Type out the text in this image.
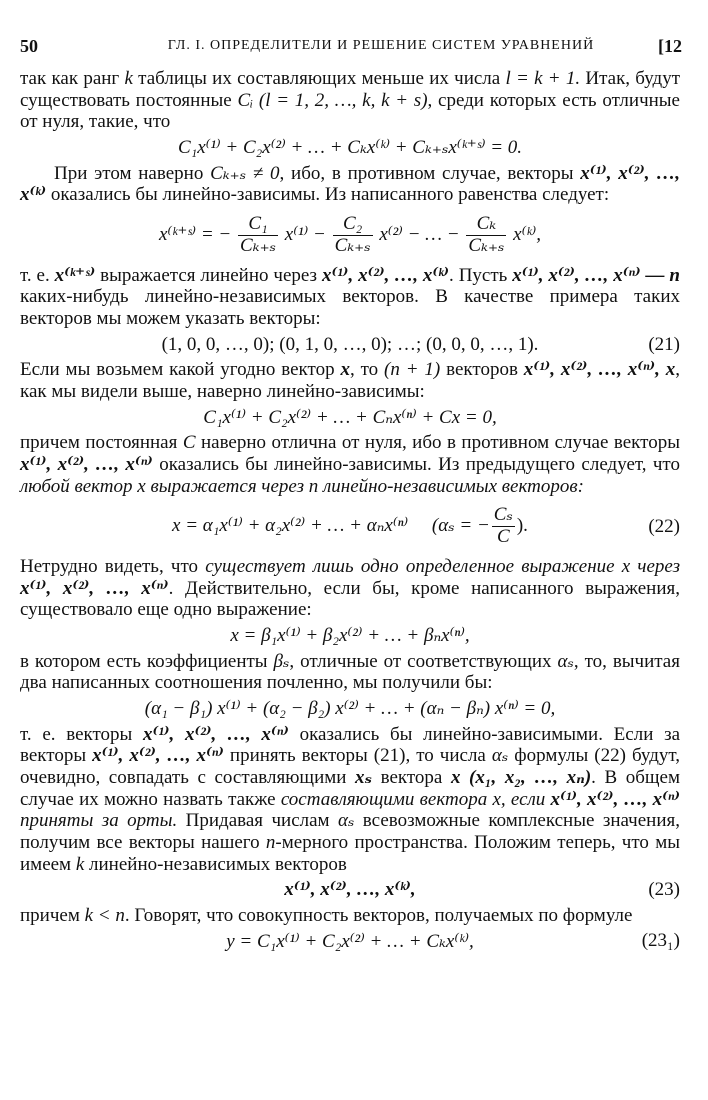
50	ГЛ. I. ОПРЕДЕЛИТЕЛИ И РЕШЕНИЕ СИСТЕМ УРАВНЕНИЙ	[12

так как ранг k таблицы их составляющих меньше их числа l = k + 1. Итак, будут существовать постоянные Cᵢ (l = 1, 2, …, k, k + s), среди которых есть отличные от нуля, такие, что

C₁x⁽¹⁾ + C₂x⁽²⁾ + … + Cₖx⁽ᵏ⁾ + Cₖ₊ₛx⁽ᵏ⁺ˢ⁾ = 0.

При этом наверно Cₖ₊ₛ ≠ 0, ибо, в противном случае, векторы x⁽¹⁾, x⁽²⁾, …, x⁽ᵏ⁾ оказались бы линейно-зависимы. Из написанного равенства следует:

x⁽ᵏ⁺ˢ⁾ = − $\frac{\text{C₁}}{\text{Cₖ₊ₛ}} x^{(1)} - \frac{\text{C₂}}{\text{Cₖ₊ₛ}} x^{(2)}$ − … − $\frac{\text{Cₖ}}{\text{Cₖ₊ₛ}}$ x⁽ᵏ⁾,

т. е. x⁽ᵏ⁺ˢ⁾ выражается линейно через x⁽¹⁾, x⁽²⁾, …, x⁽ᵏ⁾. Пусть x⁽¹⁾, x⁽²⁾, …, x⁽ⁿ⁾ — n каких-нибудь линейно-независимых векторов. В качестве примера таких векторов мы можем указать векторы:

(1, 0, 0, …, 0); (0, 1, 0, …, 0); …; (0, 0, 0, …, 1).	(21)

Если мы возьмем какой угодно вектор x, то (n + 1) векторов x⁽¹⁾, x⁽²⁾, …, x⁽ⁿ⁾, x, как мы видели выше, наверно линейно-зависимы:

C₁x⁽¹⁾ + C₂x⁽²⁾ + … + Cₙx⁽ⁿ⁾ + Cx = 0,

причем постоянная C наверно отлична от нуля, ибо в противном случае векторы x⁽¹⁾, x⁽²⁾, …, x⁽ⁿ⁾ оказались бы линейно-зависимы. Из предыдущего следует, что любой вектор x выражается через n линейно-независимых векторов:

x = α₁x⁽¹⁾ + α₂x⁽²⁾ + … + αₙx⁽ⁿ⁾ (αₛ = − $\frac{\text{Cₛ}}{C}$ ).	(22)

Нетрудно видеть, что существует лишь одно определенное выражение x через x⁽¹⁾, x⁽²⁾, …, x⁽ⁿ⁾. Действительно, если бы, кроме написанного выражения, существовало еще одно выражение:

x = β₁x⁽¹⁾ + β₂x⁽²⁾ + … + βₙx⁽ⁿ⁾,

в котором есть коэффициенты βₛ, отличные от соответствующих αₛ, то, вычитая два написанных соотношения почленно, мы получили бы:

(α₁ − β₁) x⁽¹⁾ + (α₂ − β₂) x⁽²⁾ + … + (αₙ − βₙ) x⁽ⁿ⁾ = 0,

т. е. векторы x⁽¹⁾, x⁽²⁾, …, x⁽ⁿ⁾ оказались бы линейно-зависимыми. Если за векторы x⁽¹⁾, x⁽²⁾, …, x⁽ⁿ⁾ принять векторы (21), то числа αₛ формулы (22) будут, очевидно, совпадать с составляющими xₛ вектора x (x₁, x₂, …, xₙ). В общем случае их можно назвать также составляющими вектора x, если x⁽¹⁾, x⁽²⁾, …, x⁽ⁿ⁾ приняты за орты. Придавая числам αₛ всевозможные комплексные значения, получим все векторы нашего n-мерного пространства. Положим теперь, что мы имеем k линейно-независимых векторов

x⁽¹⁾, x⁽²⁾, …, x⁽ᵏ⁾,	(23)

причем k < n. Говорят, что совокупность векторов, получаемых по формуле

y = C₁x⁽¹⁾ + C₂x⁽²⁾ + … + Cₖx⁽ᵏ⁾,	(23₁)
